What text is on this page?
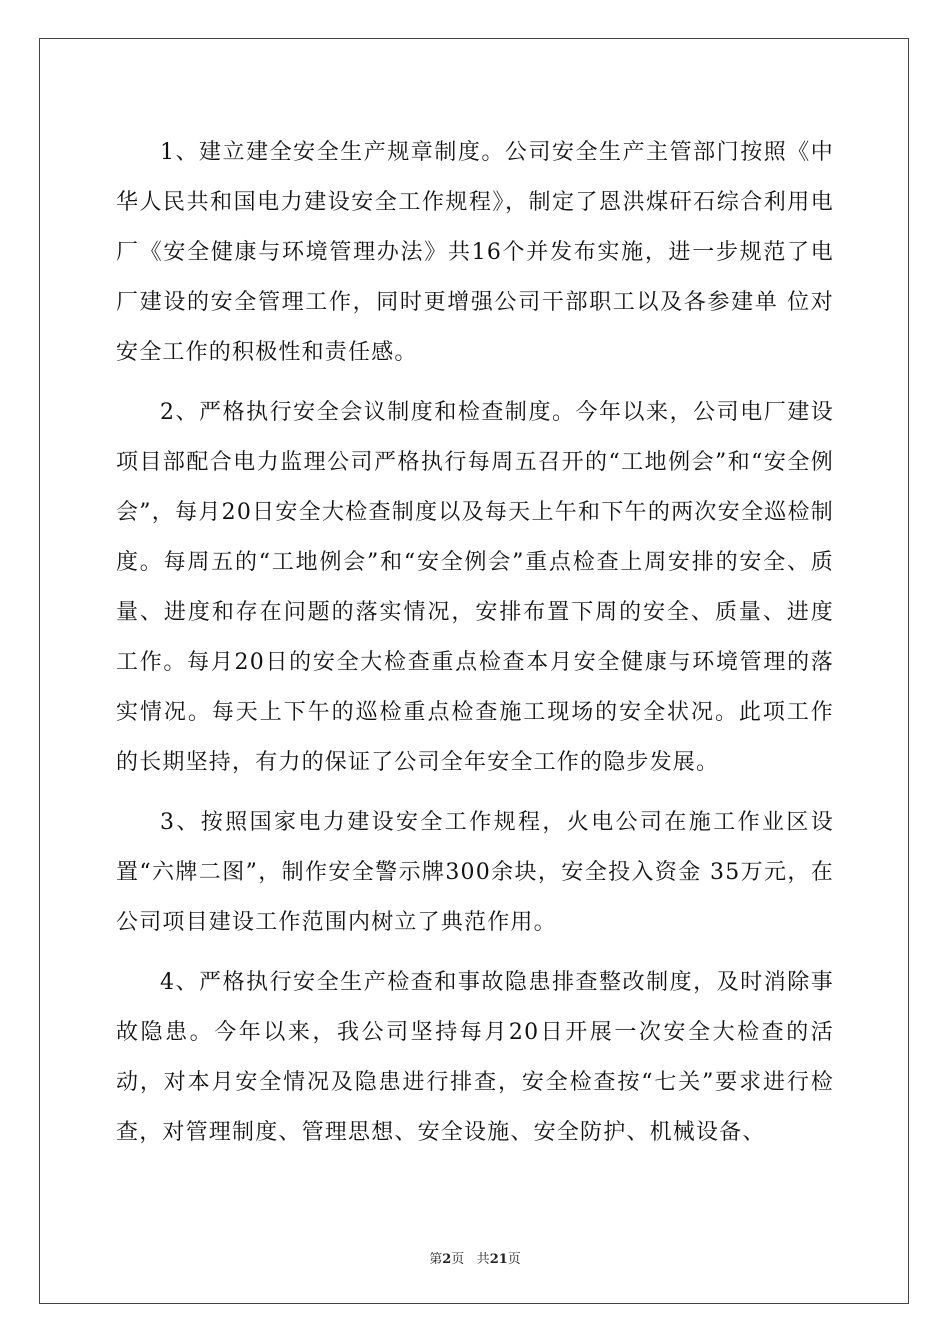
1、建立建全安全生产规章制度。公司安全生产主管部门按照《中华人民共和国电力建设安全工作规程》，制定了恩洪煤矸石综合利用电厂《安全健康与环境管理办法》共16个并发布实施，进一步规范了电厂建设的安全管理工作，同时更增强公司干部职工以及各参建单 位对安全工作的积极性和责任感。

2、严格执行安全会议制度和检查制度。今年以来，公司电厂建设项目部配合电力监理公司严格执行每周五召开的“工地例会”和“安全例会”，每月20日安全大检查制度以及每天上午和下午的两次安全巡检制度。每周五的“工地例会”和“安全例会”重点检查上周安排的安全、质量、进度和存在问题的落实情况，安排布置下周的安全、质量、进度工作。每月20日的安全大检查重点检查本月安全健康与环境管理的落实情况。每天上下午的巡检重点检查施工现场的安全状况。此项工作的长期坚持，有力的保证了公司全年安全工作的隐步发展。

3、按照国家电力建设安全工作规程，火电公司在施工作业区设置“六牌二图”，制作安全警示牌300余块，安全投入资金 35万元，在公司项目建设工作范围内树立了典范作用。

4、严格执行安全生产检查和事故隐患排查整改制度，及时消除事故隐患。今年以来，我公司坚持每月20日开展一次安全大检查的活动，对本月安全情况及隐患进行排查，安全检查按“七关”要求进行检查，对管理制度、管理思想、安全设施、安全防护、机械设备、

第2页 共21页
